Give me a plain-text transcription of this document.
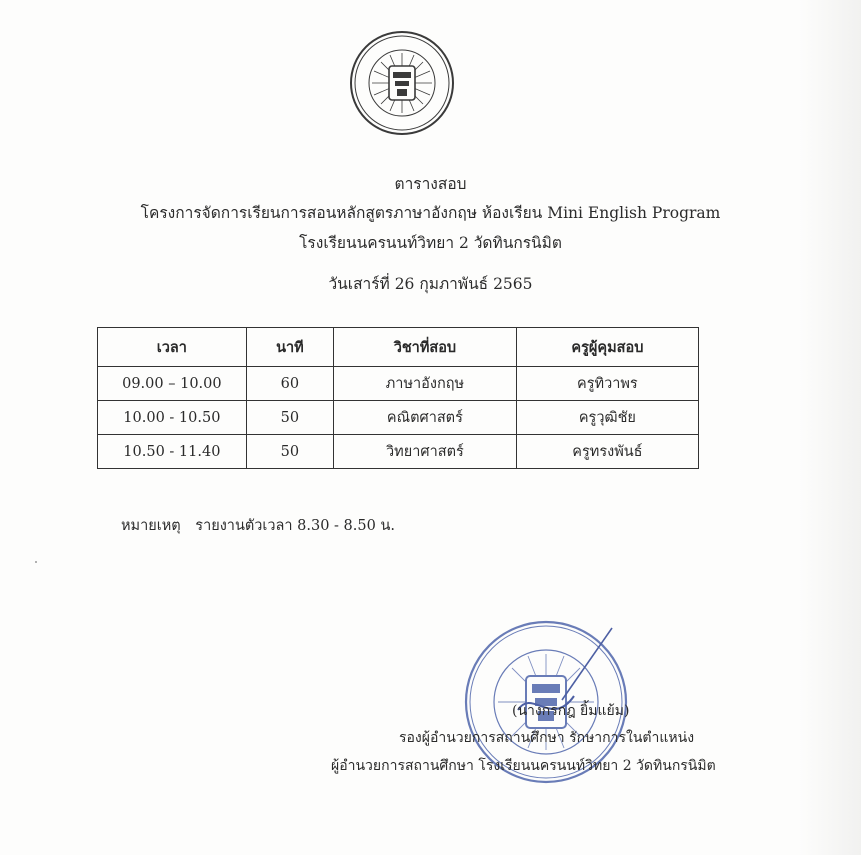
ตารางสอบ
โครงการจัดการเรียนการสอนหลักสูตรภาษาอังกฤษ ห้องเรียน Mini English Program
โรงเรียนนครนนท์วิทยา 2 วัดทินกรนิมิต
วันเสาร์ที่ 26 กุมภาพันธ์ 2565
เวลา	นาที	วิชาที่สอบ	ครูผู้คุมสอบ
09.00 – 10.00	60	ภาษาอังกฤษ	ครูทิวาพร
10.00 - 10.50	50	คณิตศาสตร์	ครูวุฒิชัย
10.50 - 11.40	50	วิทยาศาสตร์	ครูทรงพันธ์
หมายเหตุ รายงานตัวเวลา 8.30 - 8.50 น.
(นางกรกฎ ยิ้มแย้ม)
รองผู้อำนวยการสถานศึกษา รักษาการในตำแหน่ง
ผู้อำนวยการสถานศึกษา โรงเรียนนครนนท์วิทยา 2 วัดทินกรนิมิต
